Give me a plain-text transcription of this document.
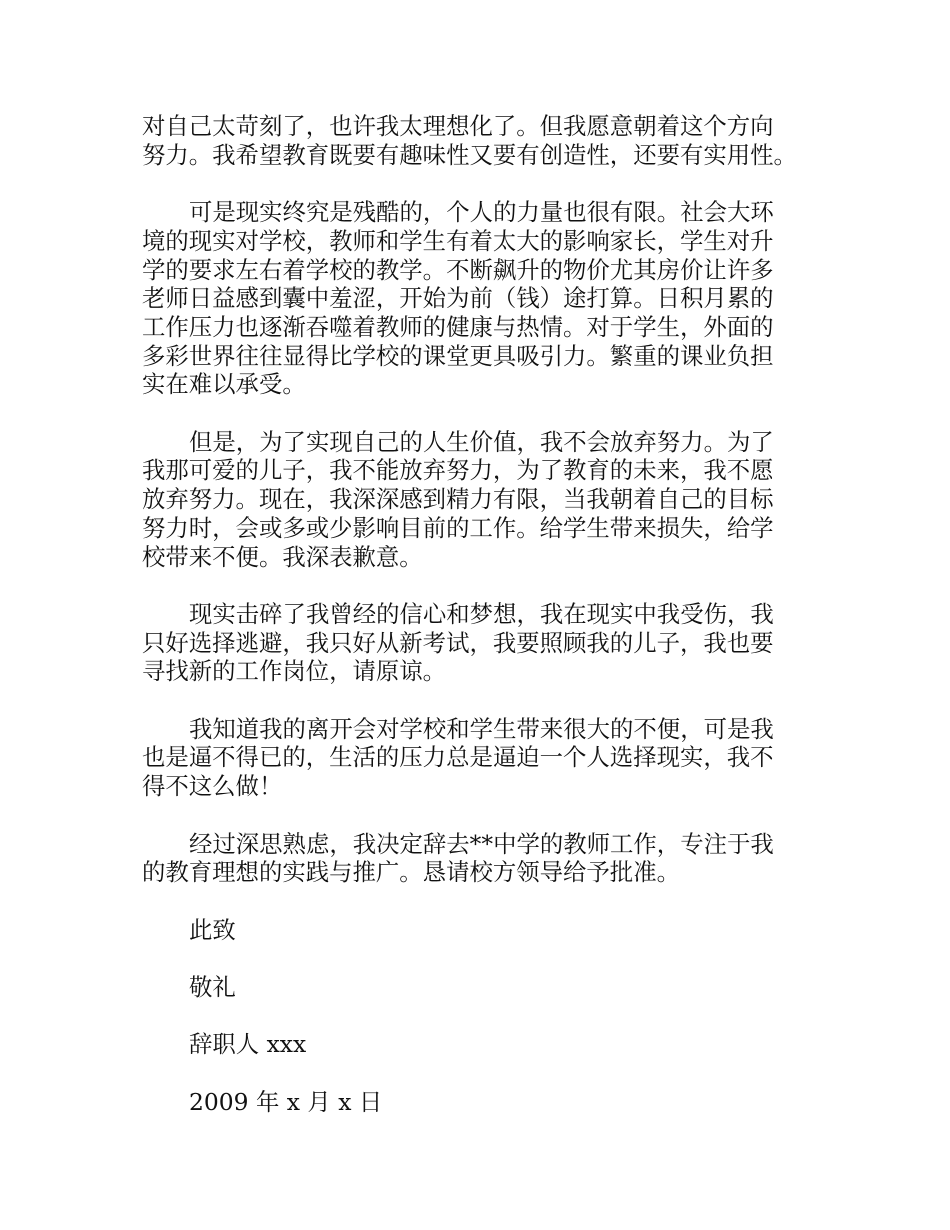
对自己太苛刻了，也许我太理想化了。但我愿意朝着这个方向
努力。我希望教育既要有趣味性又要有创造性，还要有实用性。

可是现实终究是残酷的，个人的力量也很有限。社会大环
境的现实对学校，教师和学生有着太大的影响家长，学生对升
学的要求左右着学校的教学。不断飙升的物价尤其房价让许多
老师日益感到囊中羞涩，开始为前（钱）途打算。日积月累的
工作压力也逐渐吞噬着教师的健康与热情。对于学生，外面的
多彩世界往往显得比学校的课堂更具吸引力。繁重的课业负担
实在难以承受。

但是，为了实现自己的人生价值，我不会放弃努力。为了
我那可爱的儿子，我不能放弃努力，为了教育的未来，我不愿
放弃努力。现在，我深深感到精力有限，当我朝着自己的目标
努力时，会或多或少影响目前的工作。给学生带来损失，给学
校带来不便。我深表歉意。

现实击碎了我曾经的信心和梦想，我在现实中我受伤，我
只好选择逃避，我只好从新考试，我要照顾我的儿子，我也要
寻找新的工作岗位，请原谅。

我知道我的离开会对学校和学生带来很大的不便，可是我
也是逼不得已的，生活的压力总是逼迫一个人选择现实，我不
得不这么做！

经过深思熟虑，我决定辞去**中学的教师工作，专注于我
的教育理想的实践与推广。恳请校方领导给予批准。

此致

敬礼

辞职人 xxx

2009 年 x 月 x 日
